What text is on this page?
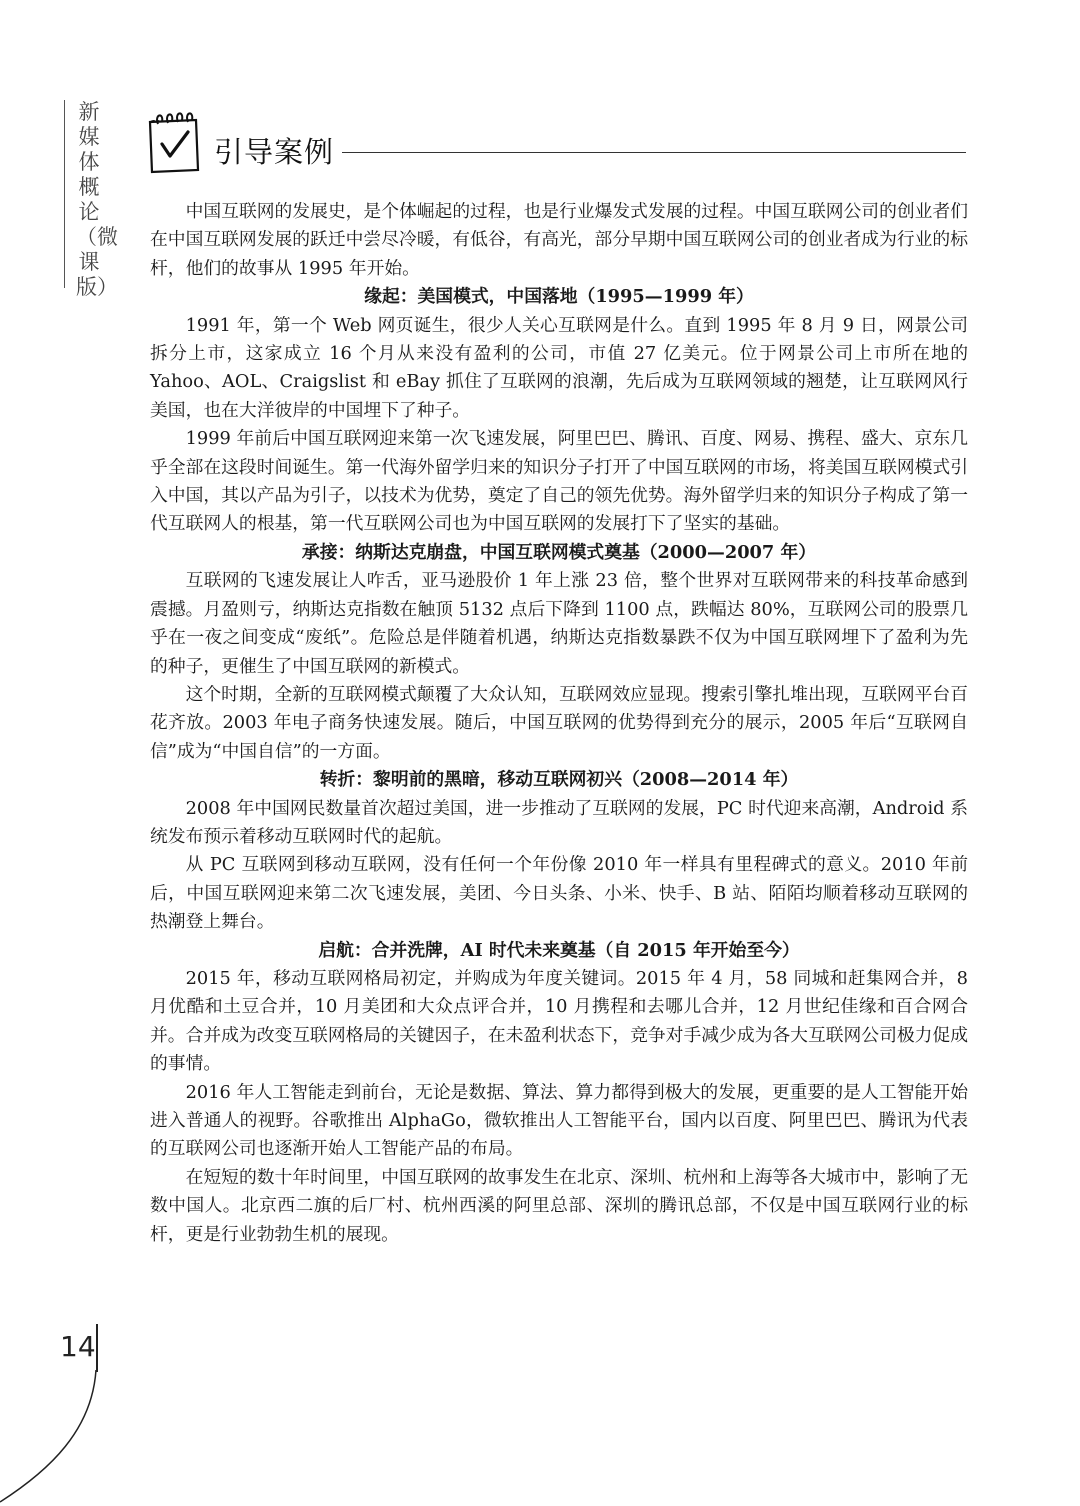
新媒体概论（微课版）
引导案例

中国互联网的发展史，是个体崛起的过程，也是行业爆发式发展的过程。中国互联网公司的创业者们在中国互联网发展的跃迁中尝尽冷暖，有低谷，有高光，部分早期中国互联网公司的创业者成为行业的标杆，他们的故事从 1995 年开始。

缘起：美国模式，中国落地（1995—1999 年）

1991 年，第一个 Web 网页诞生，很少人关心互联网是什么。直到 1995 年 8 月 9 日，网景公司拆分上市，这家成立 16 个月从来没有盈利的公司，市值 27 亿美元。位于网景公司上市所在地的 Yahoo、AOL、Craigslist 和 eBay 抓住了互联网的浪潮，先后成为互联网领域的翘楚，让互联网风行美国，也在大洋彼岸的中国埋下了种子。

1999 年前后中国互联网迎来第一次飞速发展，阿里巴巴、腾讯、百度、网易、携程、盛大、京东几乎全部在这段时间诞生。第一代海外留学归来的知识分子打开了中国互联网的市场，将美国互联网模式引入中国，其以产品为引子，以技术为优势，奠定了自己的领先优势。海外留学归来的知识分子构成了第一代互联网人的根基，第一代互联网公司也为中国互联网的发展打下了坚实的基础。

承接：纳斯达克崩盘，中国互联网模式奠基（2000—2007 年）

互联网的飞速发展让人咋舌，亚马逊股价 1 年上涨 23 倍，整个世界对互联网带来的科技革命感到震撼。月盈则亏，纳斯达克指数在触顶 5132 点后下降到 1100 点，跌幅达 80%，互联网公司的股票几乎在一夜之间变成“废纸”。危险总是伴随着机遇，纳斯达克指数暴跌不仅为中国互联网埋下了盈利为先的种子，更催生了中国互联网的新模式。

这个时期，全新的互联网模式颠覆了大众认知，互联网效应显现。搜索引擎扎堆出现，互联网平台百花齐放。2003 年电子商务快速发展。随后，中国互联网的优势得到充分的展示，2005 年后“互联网自信”成为“中国自信”的一方面。

转折：黎明前的黑暗，移动互联网初兴（2008—2014 年）

2008 年中国网民数量首次超过美国，进一步推动了互联网的发展，PC 时代迎来高潮，Android 系统发布预示着移动互联网时代的起航。

从 PC 互联网到移动互联网，没有任何一个年份像 2010 年一样具有里程碑式的意义。2010 年前后，中国互联网迎来第二次飞速发展，美团、今日头条、小米、快手、B 站、陌陌均顺着移动互联网的热潮登上舞台。

启航：合并洗牌，AI 时代未来奠基（自 2015 年开始至今）

2015 年，移动互联网格局初定，并购成为年度关键词。2015 年 4 月，58 同城和赶集网合并，8 月优酷和土豆合并，10 月美团和大众点评合并，10 月携程和去哪儿合并，12 月世纪佳缘和百合网合并。合并成为改变互联网格局的关键因子，在未盈利状态下，竞争对手减少成为各大互联网公司极力促成的事情。

2016 年人工智能走到前台，无论是数据、算法、算力都得到极大的发展，更重要的是人工智能开始进入普通人的视野。谷歌推出 AlphaGo，微软推出人工智能平台，国内以百度、阿里巴巴、腾讯为代表的互联网公司也逐渐开始人工智能产品的布局。

在短短的数十年时间里，中国互联网的故事发生在北京、深圳、杭州和上海等各大城市中，影响了无数中国人。北京西二旗的后厂村、杭州西溪的阿里总部、深圳的腾讯总部，不仅是中国互联网行业的标杆，更是行业勃勃生机的展现。

14
